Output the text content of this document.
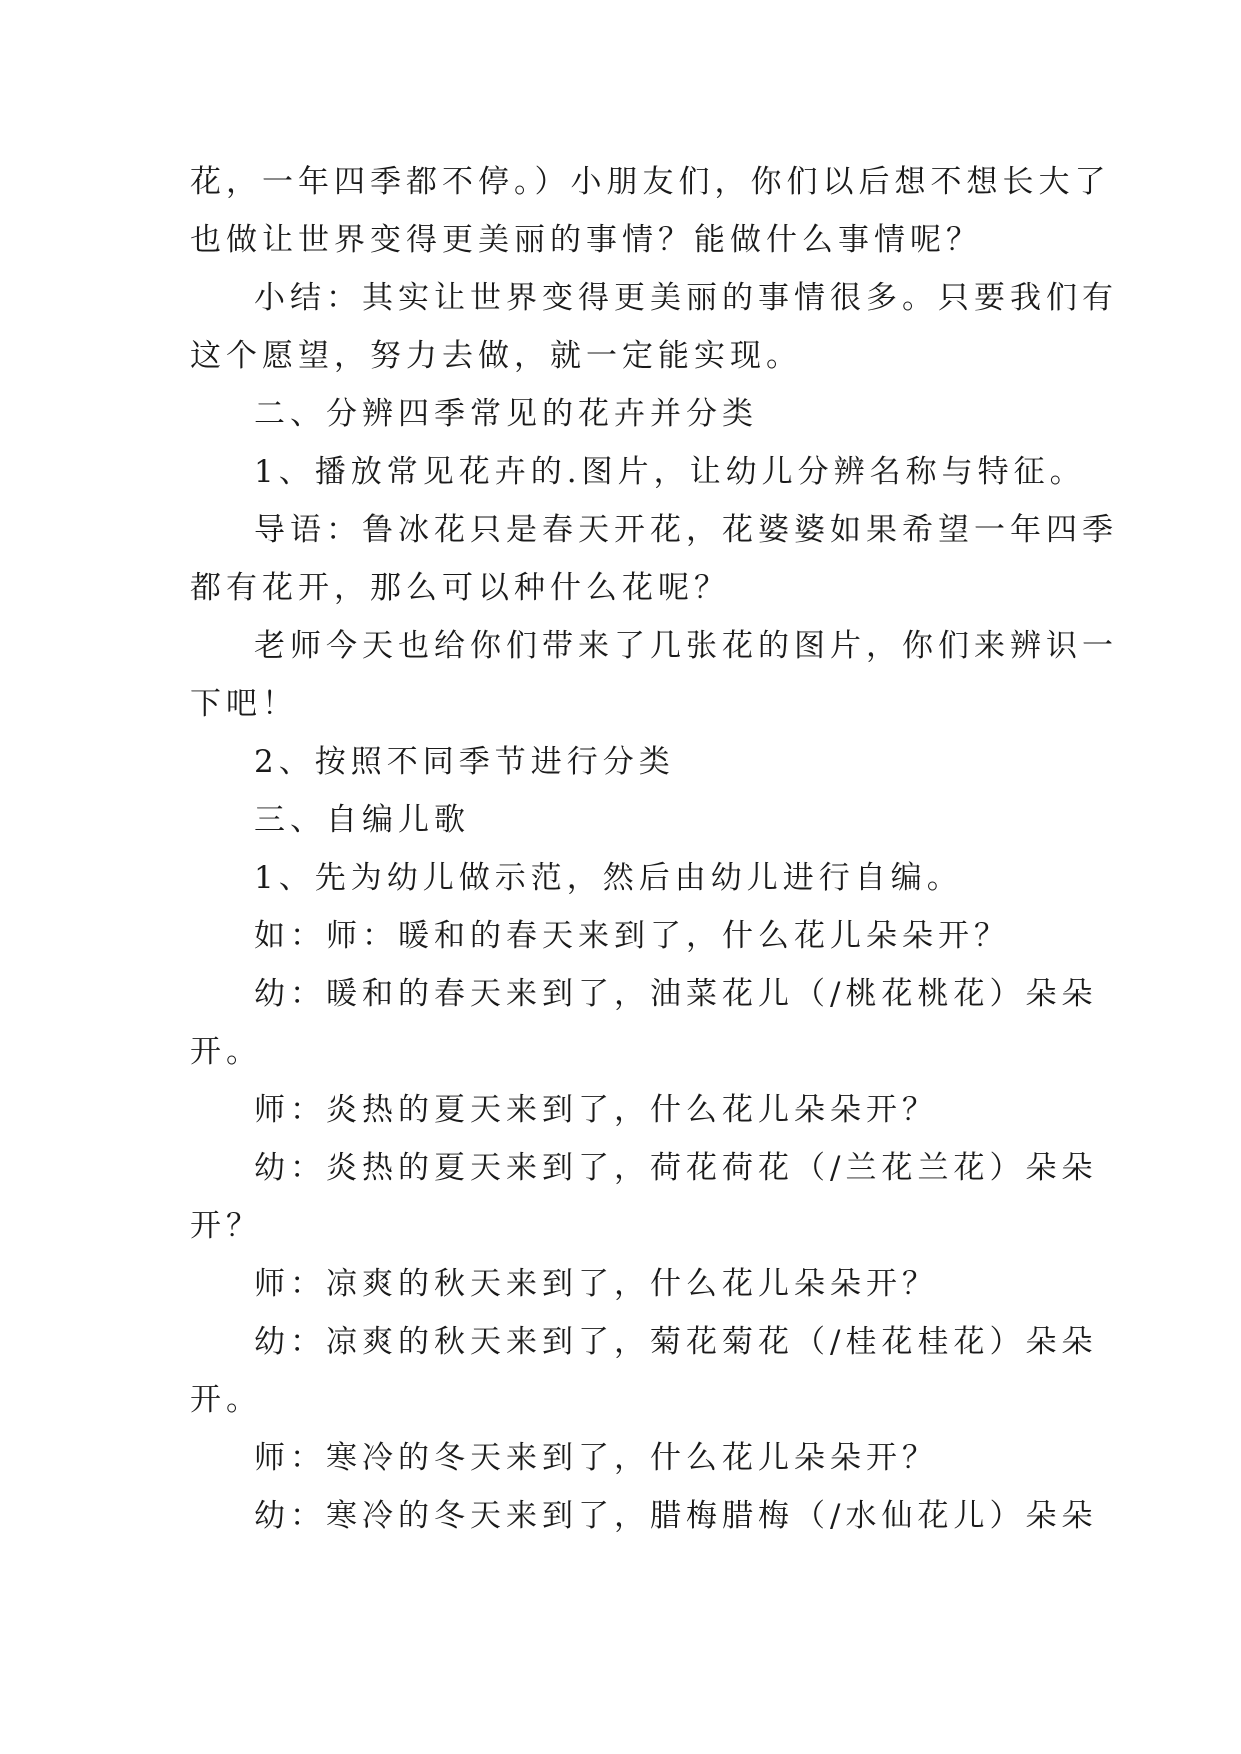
花，一年四季都不停。）小朋友们，你们以后想不想长大了

也做让世界变得更美丽的事情？能做什么事情呢？

小结：其实让世界变得更美丽的事情很多。只要我们有

这个愿望，努力去做，就一定能实现。

二、分辨四季常见的花卉并分类

1、播放常见花卉的.图片，让幼儿分辨名称与特征。

导语：鲁冰花只是春天开花，花婆婆如果希望一年四季

都有花开，那么可以种什么花呢？

老师今天也给你们带来了几张花的图片，你们来辨识一

下吧！

2、按照不同季节进行分类

三、自编儿歌

1、先为幼儿做示范，然后由幼儿进行自编。

如：师：暖和的春天来到了，什么花儿朵朵开？

幼：暖和的春天来到了，油菜花儿（/桃花桃花）朵朵

开。

师：炎热的夏天来到了，什么花儿朵朵开？

幼：炎热的夏天来到了，荷花荷花（/兰花兰花）朵朵

开？

师：凉爽的秋天来到了，什么花儿朵朵开？

幼：凉爽的秋天来到了，菊花菊花（/桂花桂花）朵朵

开。

师：寒冷的冬天来到了，什么花儿朵朵开？

幼：寒冷的冬天来到了，腊梅腊梅（/水仙花儿）朵朵
